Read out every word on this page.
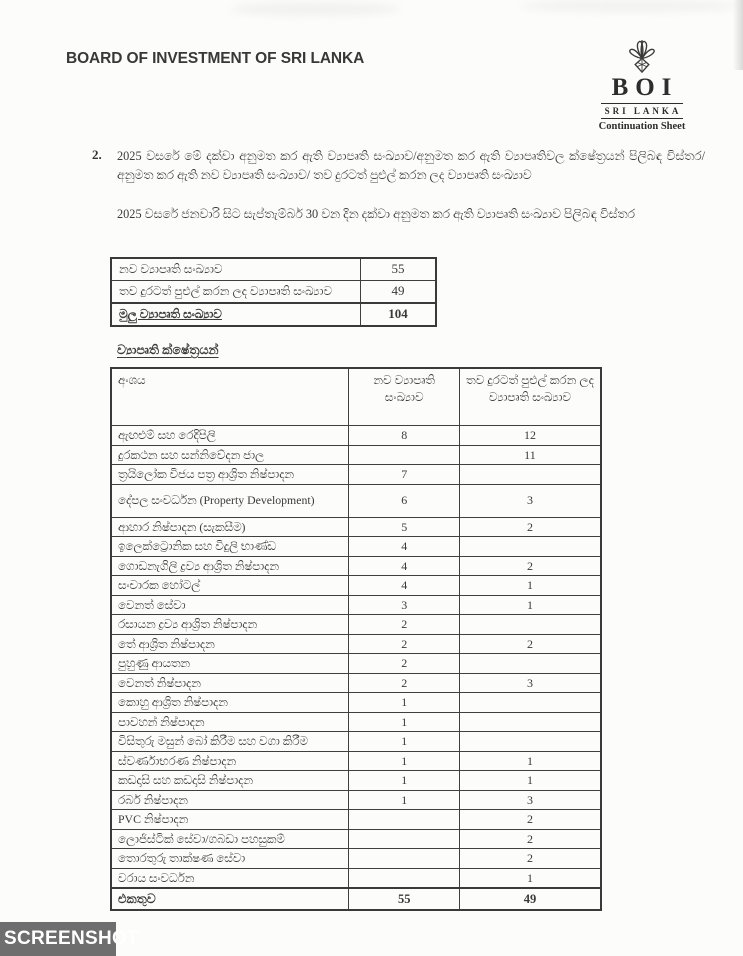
BOARD OF INVESTMENT OF SRI LANKA
BOI
SRI LANKA
Continuation Sheet
2.	2025 වසරේ මේ දක්වා අනුමත කර ඇති ව්‍යාපෘති සංඛ්‍යාව/අනුමත කර ඇති ව්‍යාපෘතිවල ක්ෂේත්‍රයන් පිලිබඳ විස්තර/අනුමත කර ඇති නව ව්‍යාපෘති සංඛ්‍යාව/ තව දුරටත් පුළුල් කරන ලද ව්‍යාපෘති සංඛ්‍යාව

2025 වසරේ ජනවාරි සිට සැප්තැම්බර් 30 වන දින දක්වා අනුමත කර ඇති ව්‍යාපෘති සංඛ්‍යාව පිලිබඳ විස්තර

නව ව්‍යාපෘති සංඛ්‍යාව	55
තව දුරටත් පුළුල් කරන ලද ව්‍යාපෘති සංඛ්‍යාව	49
මුලු ව්‍යාපෘති සංඛ්‍යාව	104
ව්‍යාපෘති ක්ෂේත්‍රයන්
අංශය	නව ව්‍යාපෘති සංඛ්‍යාව	තව දුරටත් පුළුල් කරන ලද ව්‍යාපෘති සංඛ්‍යාව
ඇඟළුම් සහ රෙදිපිලි	8	12
දුරකථන සහ සන්නිවේදන ජාල		11
ත්‍රයිලෝක විජය පත්‍ර ආශ්‍රිත නිෂ්පාදන	7	
දේපල සංවර්ධන (Property Development)	6	3
ආහාර නිෂ්පාදන (සැකසීම)	5	2
ඉලෙක්ට්‍රොනික සහ විදුලි භාණ්ඩ	4	
ගොඩනැගිලි ද්‍රව්‍ය ආශ්‍රිත නිෂ්පාදන	4	2
සංචාරක හෝටල්	4	1
වෙනත් සේවා	3	1
රසායන ද්‍රව්‍ය ආශ්‍රිත නිෂ්පාදන	2	
තේ ආශ්‍රිත නිෂ්පාදන	2	2
පුහුණු ආයතන	2	
වෙනත් නිෂ්පාදන	2	3
කොහු ආශ්‍රිත නිෂ්පාදන	1	
පාවහන් නිෂ්පාදන	1	
විසිතුරු මසුන් බෝ කිරීම සහ වගා කිරීම	1	
ස්වර්ණාභරණ නිෂ්පාදන	1	1
කඩදාසි සහ කඩදාසි නිෂ්පාදන	1	1
රබර් නිෂ්පාදන	1	3
PVC නිෂ්පාදන		2
ලොජිස්ටික් සේවා/ගබඩා පහසුකම්		2
තොරතුරු තාක්ෂණ සේවා		2
වරාය සංවර්ධන		1
එකතුව	55	49
SCREENSHOT
